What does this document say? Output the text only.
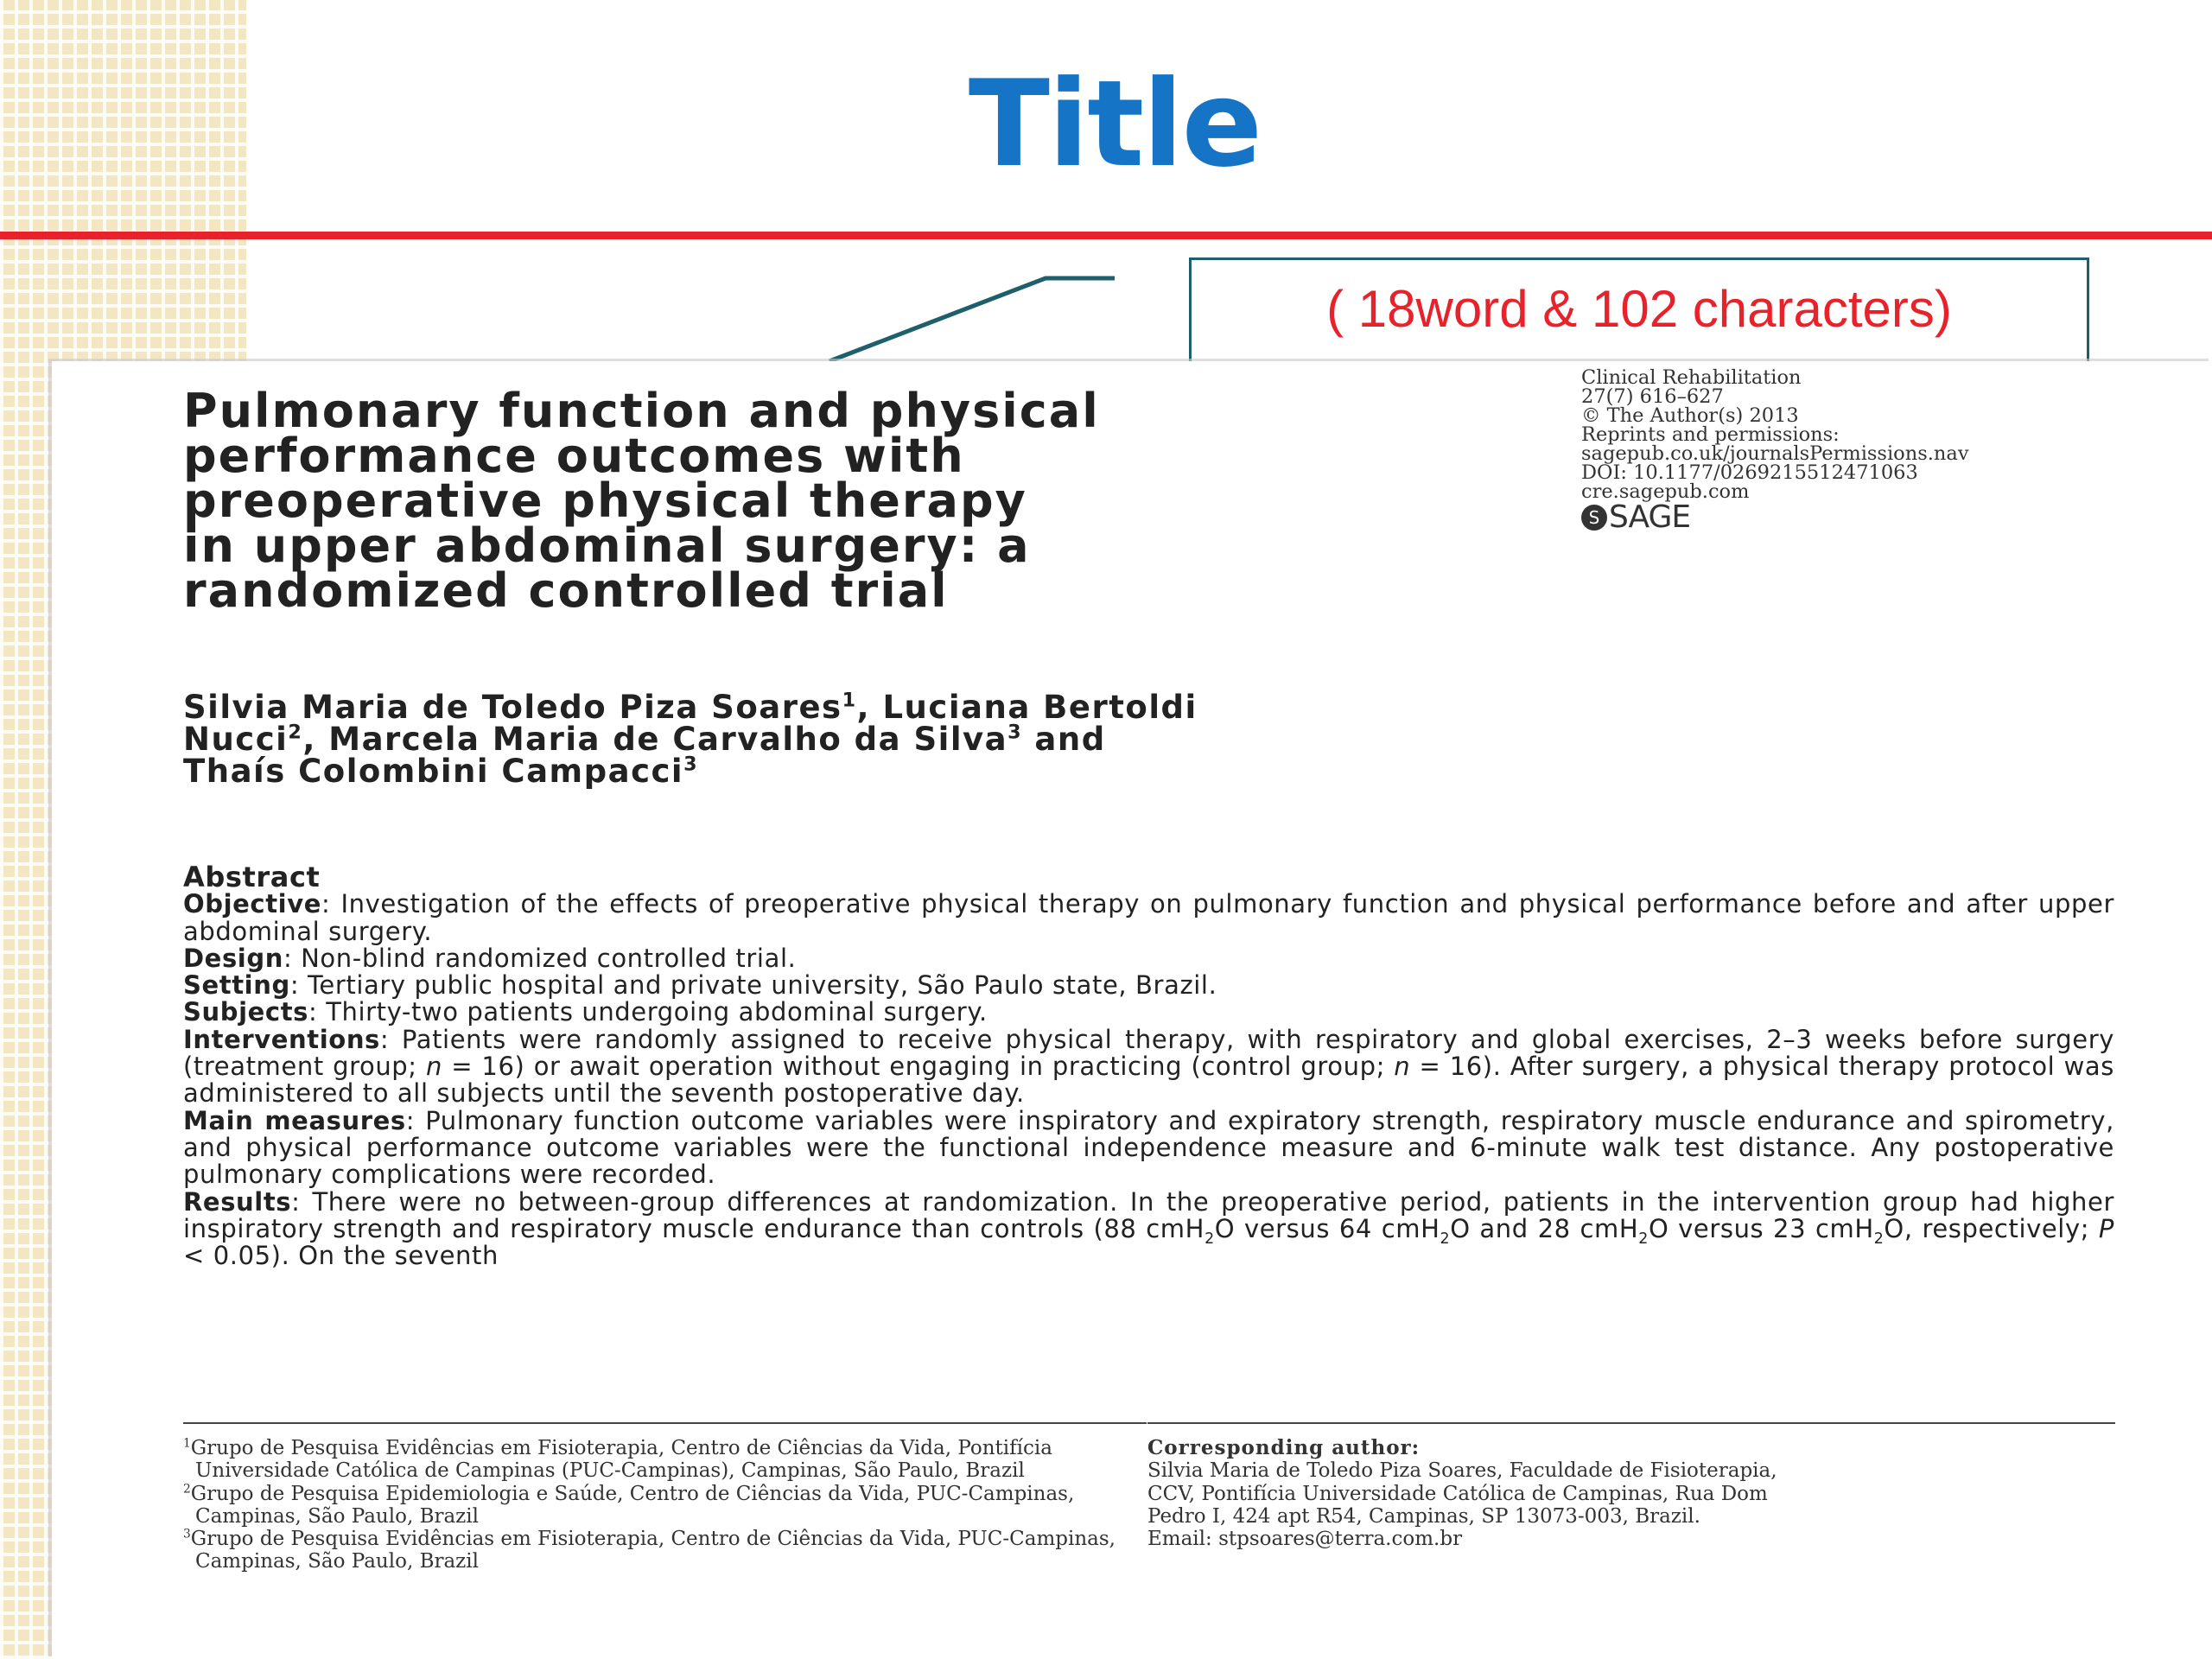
Title
( 18word & 102 characters)
Pulmonary function and physical
performance outcomes with
preoperative physical therapy
in upper abdominal surgery: a
randomized controlled trial
Clinical Rehabilitation
27(7) 616–627
© The Author(s) 2013
Reprints and permissions:
sagepub.co.uk/journalsPermissions.nav
DOI: 10.1177/0269215512471063
cre.sagepub.com
S SAGE
Silvia Maria de Toledo Piza Soares$^1$, Luciana Bertoldi
Nucci$^2$, Marcela Maria de Carvalho da Silva$^3$ and
Thaís Colombini Campacci$^3$
Abstract

Objective: Investigation of the effects of preoperative physical therapy on pulmonary function and physical performance before and after upper abdominal surgery.

Design: Non-blind randomized controlled trial.

Setting: Tertiary public hospital and private university, São Paulo state, Brazil.

Subjects: Thirty-two patients undergoing abdominal surgery.

Interventions: Patients were randomly assigned to receive physical therapy, with respiratory and global exercises, 2–3 weeks before surgery (treatment group; n = 16) or await operation without engaging in practicing (control group; n = 16). After surgery, a physical therapy protocol was administered to all subjects until the seventh postoperative day.

Main measures: Pulmonary function outcome variables were inspiratory and expiratory strength, respiratory muscle endurance and spirometry, and physical performance outcome variables were the functional independence measure and 6-minute walk test distance. Any postoperative pulmonary complications were recorded.

Results: There were no between-group differences at randomization. In the preoperative period, patients in the intervention group had higher inspiratory strength and respiratory muscle endurance than controls (88 cmH$_2$O versus 64 cmH$_2$O and 28 cmH$_2$O versus 23 cmH$_2$O, respectively; P < 0.05). On the seventh

$^1$Grupo de Pesquisa Evidências em Fisioterapia, Centro de Ciências da Vida, Pontifícia Universidade Católica de Campinas (PUC-Campinas), Campinas, São Paulo, Brazil

$^2$Grupo de Pesquisa Epidemiologia e Saúde, Centro de Ciências da Vida, PUC-Campinas, Campinas, São Paulo, Brazil

$^3$Grupo de Pesquisa Evidências em Fisioterapia, Centro de Ciências da Vida, PUC-Campinas, Campinas, São Paulo, Brazil

Corresponding author:
Silvia Maria de Toledo Piza Soares, Faculdade de Fisioterapia,
CCV, Pontifícia Universidade Católica de Campinas, Rua Dom
Pedro I, 424 apt R54, Campinas, SP 13073-003, Brazil.
Email: stpsoares@terra.com.br
